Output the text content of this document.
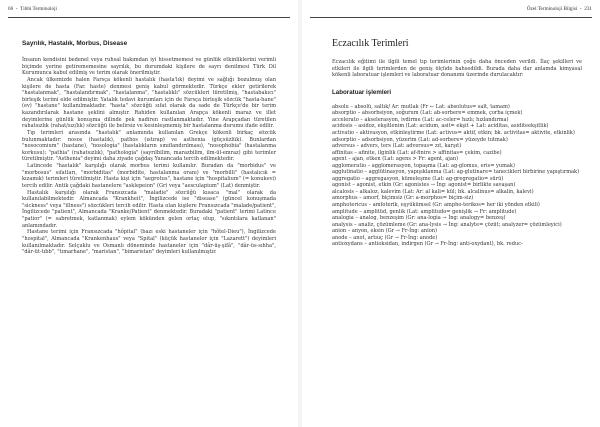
66  -  Tıbbi Terminoloji
Sayrılık, Hastalık, Morbus, Disease

İnsanın kendisini bedenel veya ruhsal bakımdan iyi hissetmemesi ve günlük etkinliklerini verimli biçimde yerine getirememesine sayrılık, bu durumdaki kişilere de sayrı denilmesi Türk Dil Kurumunca kabul edilmiş ve terim olarak önerilmiştir.

Ancak ülkemizde halen Farsça kökenli hastalık (hasta'lık) deyimi ve sağlığı bozulmuş olan kişilere de hasta (Far. haste) denmesi geniş kabul görmektedir. Türkçe ekler getirilerek "hastalanmak", "hastalandırmak", "hastalanma", "hastalıklı" sözcükleri türetilmiş, "hastabakıcı" birleşik terimi elde edilmiştir. Yatalık tedavi kurumları için de Farsça birleşik sözcük "hasta-hane" (ev) "hastane" kullanılmaktadır. "hasta" sözcüğü sıfat olarak da sade de Türkçe'de bir terim kazandırılarak hastane şeklini almıştır. Rahiden kullanılan Arapça kökenli maraz ve illet deyimlerine günlük konuşma dilinde pek nadiren rastlanmaktadır. Yine Arapçadan türetilen rahatsızlık (rahat/sız/lık) sözcüğü ile belirsiz ve kesinleşmemiş bir hastalanma durumu ifade edilir.

Tıp terimleri arasında "hastalık" anlamında kullanılan Grekçe kökenli birkaç sözcük bulunmaktadır: nosos (hastalık), pathos (ıstırap) ve asthenia (güçsüzlük). Bunlardan "nosocomium" (hastane), "nosologia" (hastalıkların sınıflandırılması), "nosophobia" (hastalanma korkusu); "pathia" (rahatsızlık), "pathologia" (sayrılbilim, marazbilim, ilm-ül-emraz) gibi terimler türetilmiştir. "Asthenia" deyimi daha ziyade çağdaş Yunancada tercih edilmektedir.

Latincede "hastalık" karşılığı olarak morbus terimi kullanılır. Buradan da "morbidus" ve "morbosus" sıfatları, "morbiditas" (morbidite, hastalanma oranı) ve "morbilli" (hastalıcık = kızamık) terimleri türetilmiştir. Hasta kişi için "aegrotus", hastane için "hospitalium" (= konukevi) tercih edilir. Antik çağdaki hastanelere "asklepeion" (Gr) veya "aesculapium" (Lat) denmiştir.

Hastalık karşılığı olarak Fransızcada "maladie" sözcüğü kısaca "mal" olarak da kullanılabilmektedir. Almancada "Krankheit", İngilizcede ise "disease" (güncel konuşmada "sickness" veya "illness") sözcükleri tercih edilir. Hasta olan kişilere Fransızcada "malade/patient", İngilizcede "patient", Almancada "Kranke/Patient" denmektedir. Buradaki "patient" terimi Latince "patior" (= sabretmek, katlanmak) eylem kökünden gelen ortaç olup, "sıkıntılara katlanan" anlamındadır.

Hastane terimi için Fransızcada "hôpital" (bazı eski hastaneler için "hôtel-Dieu"), İngilizcede "hospital", Almancada "Krankenhaus" veya "Spital" (küçük hastaneler için "Lazarett") deyimleri kullanılmaktadır. Selçuklu ve Osmanlı döneminde hastaneler için "dâr-üş-şifâ", "dâr-üs-sıhha", "dâr-üt-tıbb", "tımarhane", "maristan", "bimaristan" deyimleri kullanılmıştır.

Özel Terminoloji Bilgisi  -  231
Eczacılık Terimleri

Eczacılık eğitimi ile ilgili temel tıp terimlerinin çoğu daha önceden verildi. İlaç şekilleri ve etkileri ile ilgili terimlerden de geniş ölçüde bahsedildi. Burada daha dar anlamda kimyasal kökenli laboratuar işlemleri ve laboratuar donanımı üzerinde durulacaktır:

Laboratuar işlemleri
absolu – absolü, saltık/ Ar: mutlak (Fr ← Lat: absolutus= salt, tamam)
absorptio – absorbsiyon, soğurum (Lat: ab-sorbere= emmek, çorba içmek)
accelerato – akselerasyon, ivdirme (Lat: ac-celer= hızlı; hızlandırma)
acidosis – asidoz, ekşitlenim (Lat: acidum, asit= ekşit + Lat: aciditas, asiditeekşitlik)
activatio – aktivasyon, etkinleştirme (Lat: activus= aktif, etkin; bk. activitas= aktivite, etkinlik)
adsorptio – adsorbsiyon, yüzerim (Lat: ad-sorbere= yüzeyde tutmak)
adversus – advers, ters (Lat: adversus= zıt, karşıt)
affinitas – afinite, ilginlik (Lat: af-finire > affinitas= çekim, cazibe)
agent – ajan, etken (Lat: agens > Fr: agent, ajan)
agglomeratio – agglomerasyon, topaşma (Lat: ag-glomus, eris= yumak)
agglutinatio – agglütinasyon, yapışıklanma (Lat: ag-glutinare= tanecikleri birbirine yapıştırmak)
aggregatio – aggregasyon, kümeleşme (Lat: ag-gregregatio= sürü)
agonist – agonist, etkin (Gr: agonistes → İng: agonist= birlikte savaşan)
alcalosis – alkaloz, kalevim (Lat: Ar: al kali= kül; bk. alcalinus= alkalin, kalevi)
amorphus – amorf, biçimsiz (Gr: a-morphos= biçim-siz)
amphotericus – amfoterik, eşyükümsel (Gr: ampho-terikos= her iki yönden etkili)
amplitude – amplitüd, genlik (Lat: amplitudo= genişlik → Fr: amplitude)
analogia – analog, benzeşim (Gr: ana-logia → İng: analogy= benzeş)
analysis – analiz, çözümleme (Gr: ana-lysis → İng: analyte= çözüt; analyzer= çözümleyici)
anion – anyon, eksin (Gr → Fr-İng: anion)
anode – anot, artıuç (Gr → Fr-İng: anode)
antioxydans – antioksidan, indirgen (Gr → Fr-İng: anti-oxydant), bk. reduc-
